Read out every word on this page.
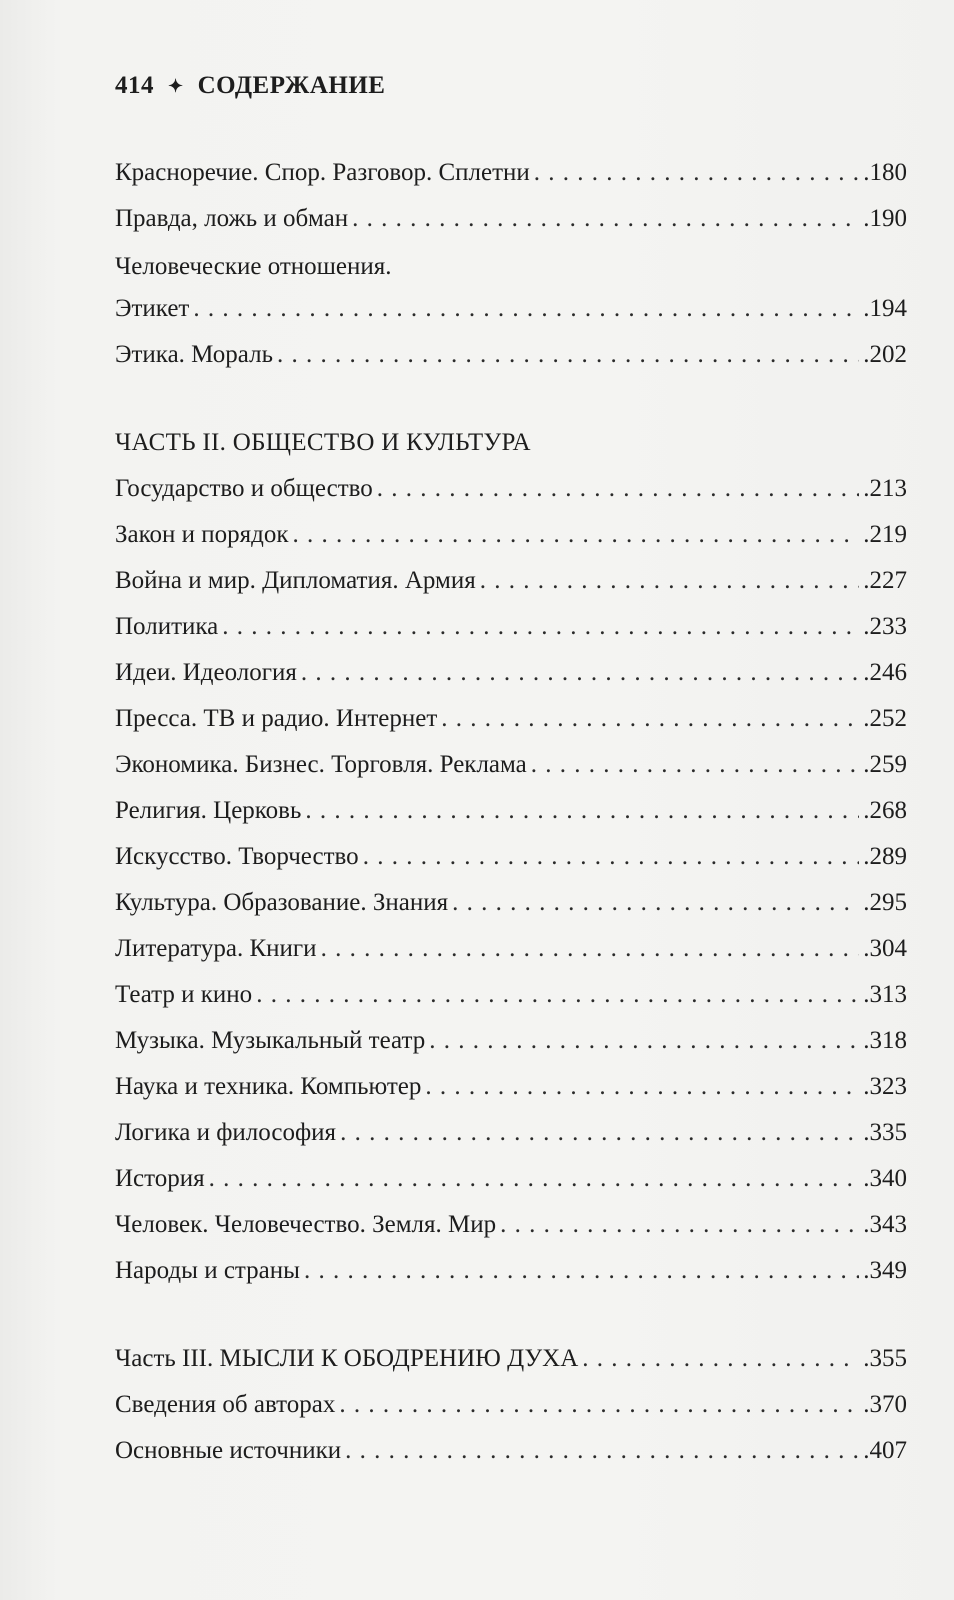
414 ✦ СОДЕРЖАНИЕ
Красноречие. Спор. Разговор. Сплетни . . .	.180
Правда, ложь и обман . . .	.190
Человеческие отношения.
Этикет . . .	.194
Этика. Мораль . . .	.202
ЧАСТЬ II. ОБЩЕСТВО И КУЛЬТУРА
Государство и общество . . .	.213
Закон и порядок . . .	.219
Война и мир. Дипломатия. Армия . . .	.227
Политика . . .	.233
Идеи. Идеология . . .	.246
Пресса. ТВ и радио. Интернет . . .	.252
Экономика. Бизнес. Торговля. Реклама . . .	.259
Религия. Церковь . . .	.268
Искусство. Творчество . . .	.289
Культура. Образование. Знания . . .	.295
Литература. Книги . . .	.304
Театр и кино . . .	.313
Музыка. Музыкальный театр . . .	.318
Наука и техника. Компьютер . . .	.323
Логика и философия . . .	.335
История . . .	.340
Человек. Человечество. Земля. Мир . . .	.343
Народы и страны . . .	.349
Часть III. МЫСЛИ К ОБОДРЕНИЮ ДУХА . . .	.355
Сведения об авторах . . .	.370
Основные источники . . .	.407
